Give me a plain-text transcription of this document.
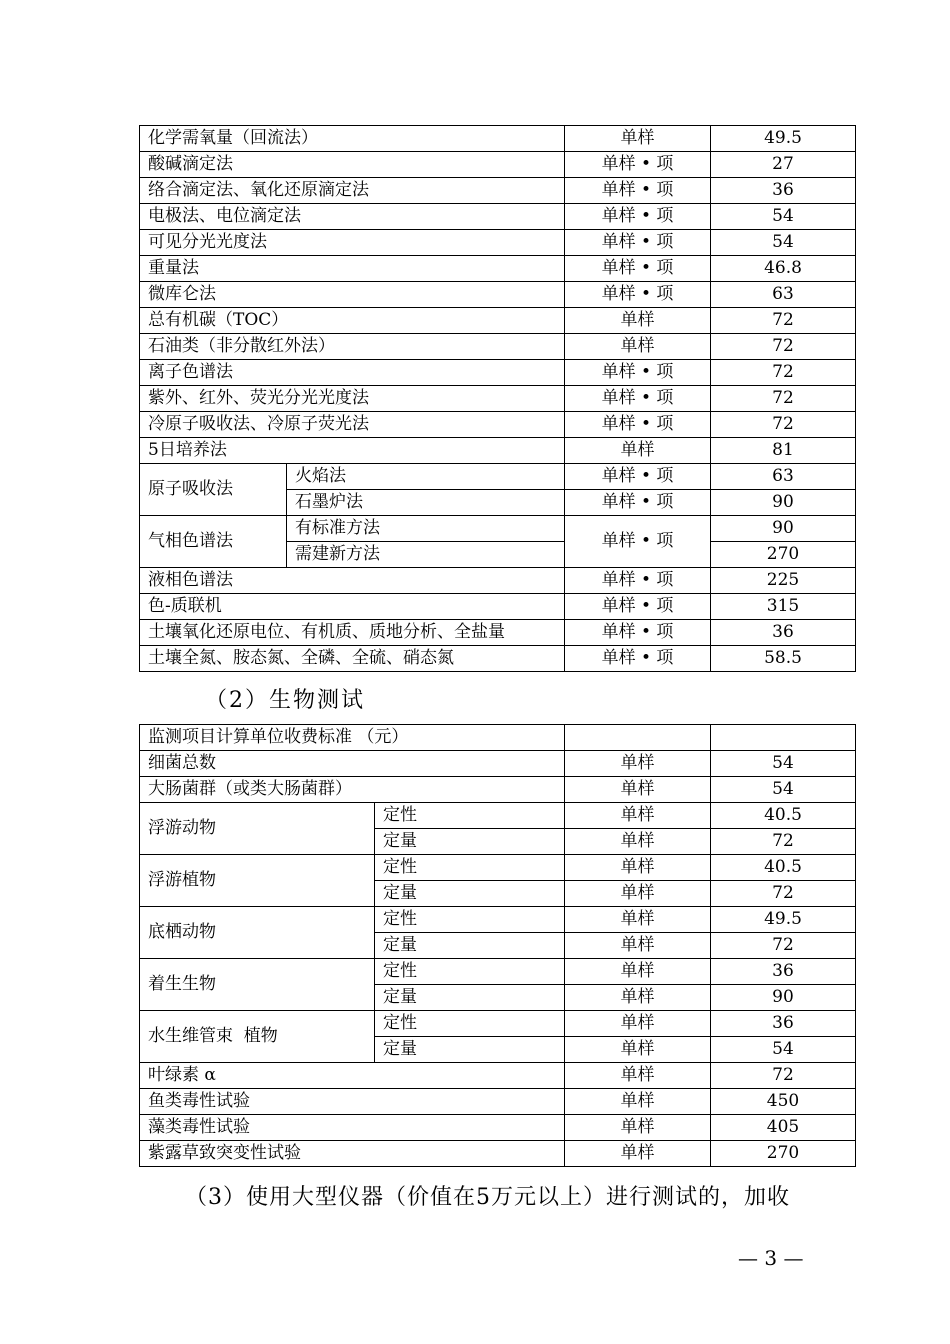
化学需氧量（回流法）		单样	49.5
酸碱滴定法		单样 • 项	27
络合滴定法、氧化还原滴定法		单样 • 项	36
电极法、电位滴定法		单样 • 项	54
可见分光光度法		单样 • 项	54
重量法		单样 • 项	46.8
微库仑法		单样 • 项	63
总有机碳（TOC）		单样	72
石油类（非分散红外法）		单样	72
离子色谱法		单样 • 项	72
紫外、红外、荧光分光光度法		单样 • 项	72
冷原子吸收法、冷原子荧光法		单样 • 项	72
5日培养法		单样	81
原子吸收法	火焰法	单样 • 项	63
	石墨炉法	单样 • 项	90
气相色谱法	有标准方法	单样 • 项	90
	需建新方法		270
液相色谱法		单样 • 项	225
色-质联机		单样 • 项	315
土壤氧化还原电位、有机质、质地分析、全盐量		单样 • 项	36
土壤全氮、胺态氮、全磷、全硫、硝态氮		单样 • 项	58.5
（2）生物测试
监测项目计算单位收费标准 （元）			
细菌总数		单样	54
大肠菌群（或类大肠菌群）		单样	54
浮游动物	定性	单样	40.5
	定量	单样	72
浮游植物	定性	单样	40.5
	定量	单样	72
底栖动物	定性	单样	49.5
	定量	单样	72
着生生物	定性	单样	36
	定量	单样	90
水生维管束  植物	定性	单样	36
	定量	单样	54
叶绿素 α		单样	72
鱼类毒性试验		单样	450
藻类毒性试验		单样	405
紫露草致突变性试验		单样	270
（3）使用大型仪器（价值在5万元以上）进行测试的，加收
— 3 —
